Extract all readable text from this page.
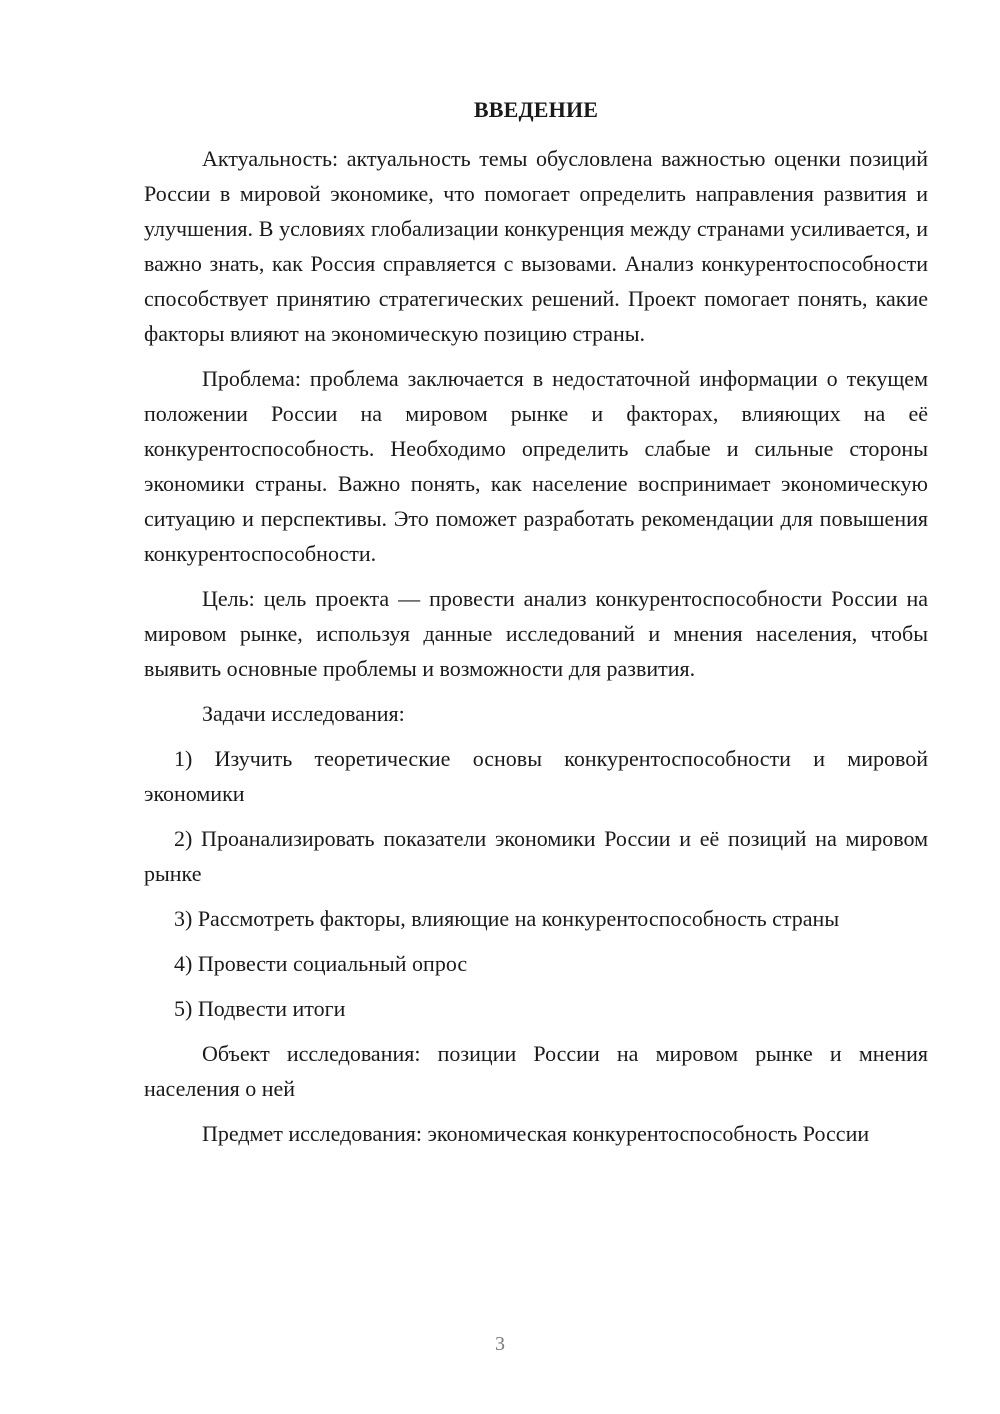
ВВЕДЕНИЕ

Актуальность: актуальность темы обусловлена важностью оценки позиций России в мировой экономике, что помогает определить направления развития и улучшения. В условиях глобализации конкуренция между странами усиливается, и важно знать, как Россия справляется с вызовами. Анализ конкурентоспособности способствует принятию стратегических решений. Проект помогает понять, какие факторы влияют на экономическую позицию страны.

Проблема: проблема заключается в недостаточной информации о текущем положении России на мировом рынке и факторах, влияющих на её конкурентоспособность. Необходимо определить слабые и сильные стороны экономики страны. Важно понять, как население воспринимает экономическую ситуацию и перспективы. Это поможет разработать рекомендации для повышения конкурентоспособности.

Цель: цель проекта — провести анализ конкурентоспособности России на мировом рынке, используя данные исследований и мнения населения, чтобы выявить основные проблемы и возможности для развития.

Задачи исследования:

1) Изучить теоретические основы конкурентоспособности и мировой экономики

2) Проанализировать показатели экономики России и её позиций на мировом рынке

3) Рассмотреть факторы, влияющие на конкурентоспособность страны

4) Провести социальный опрос

5) Подвести итоги

Объект исследования: позиции России на мировом рынке и мнения населения о ней

Предмет исследования: экономическая конкурентоспособность России

3
